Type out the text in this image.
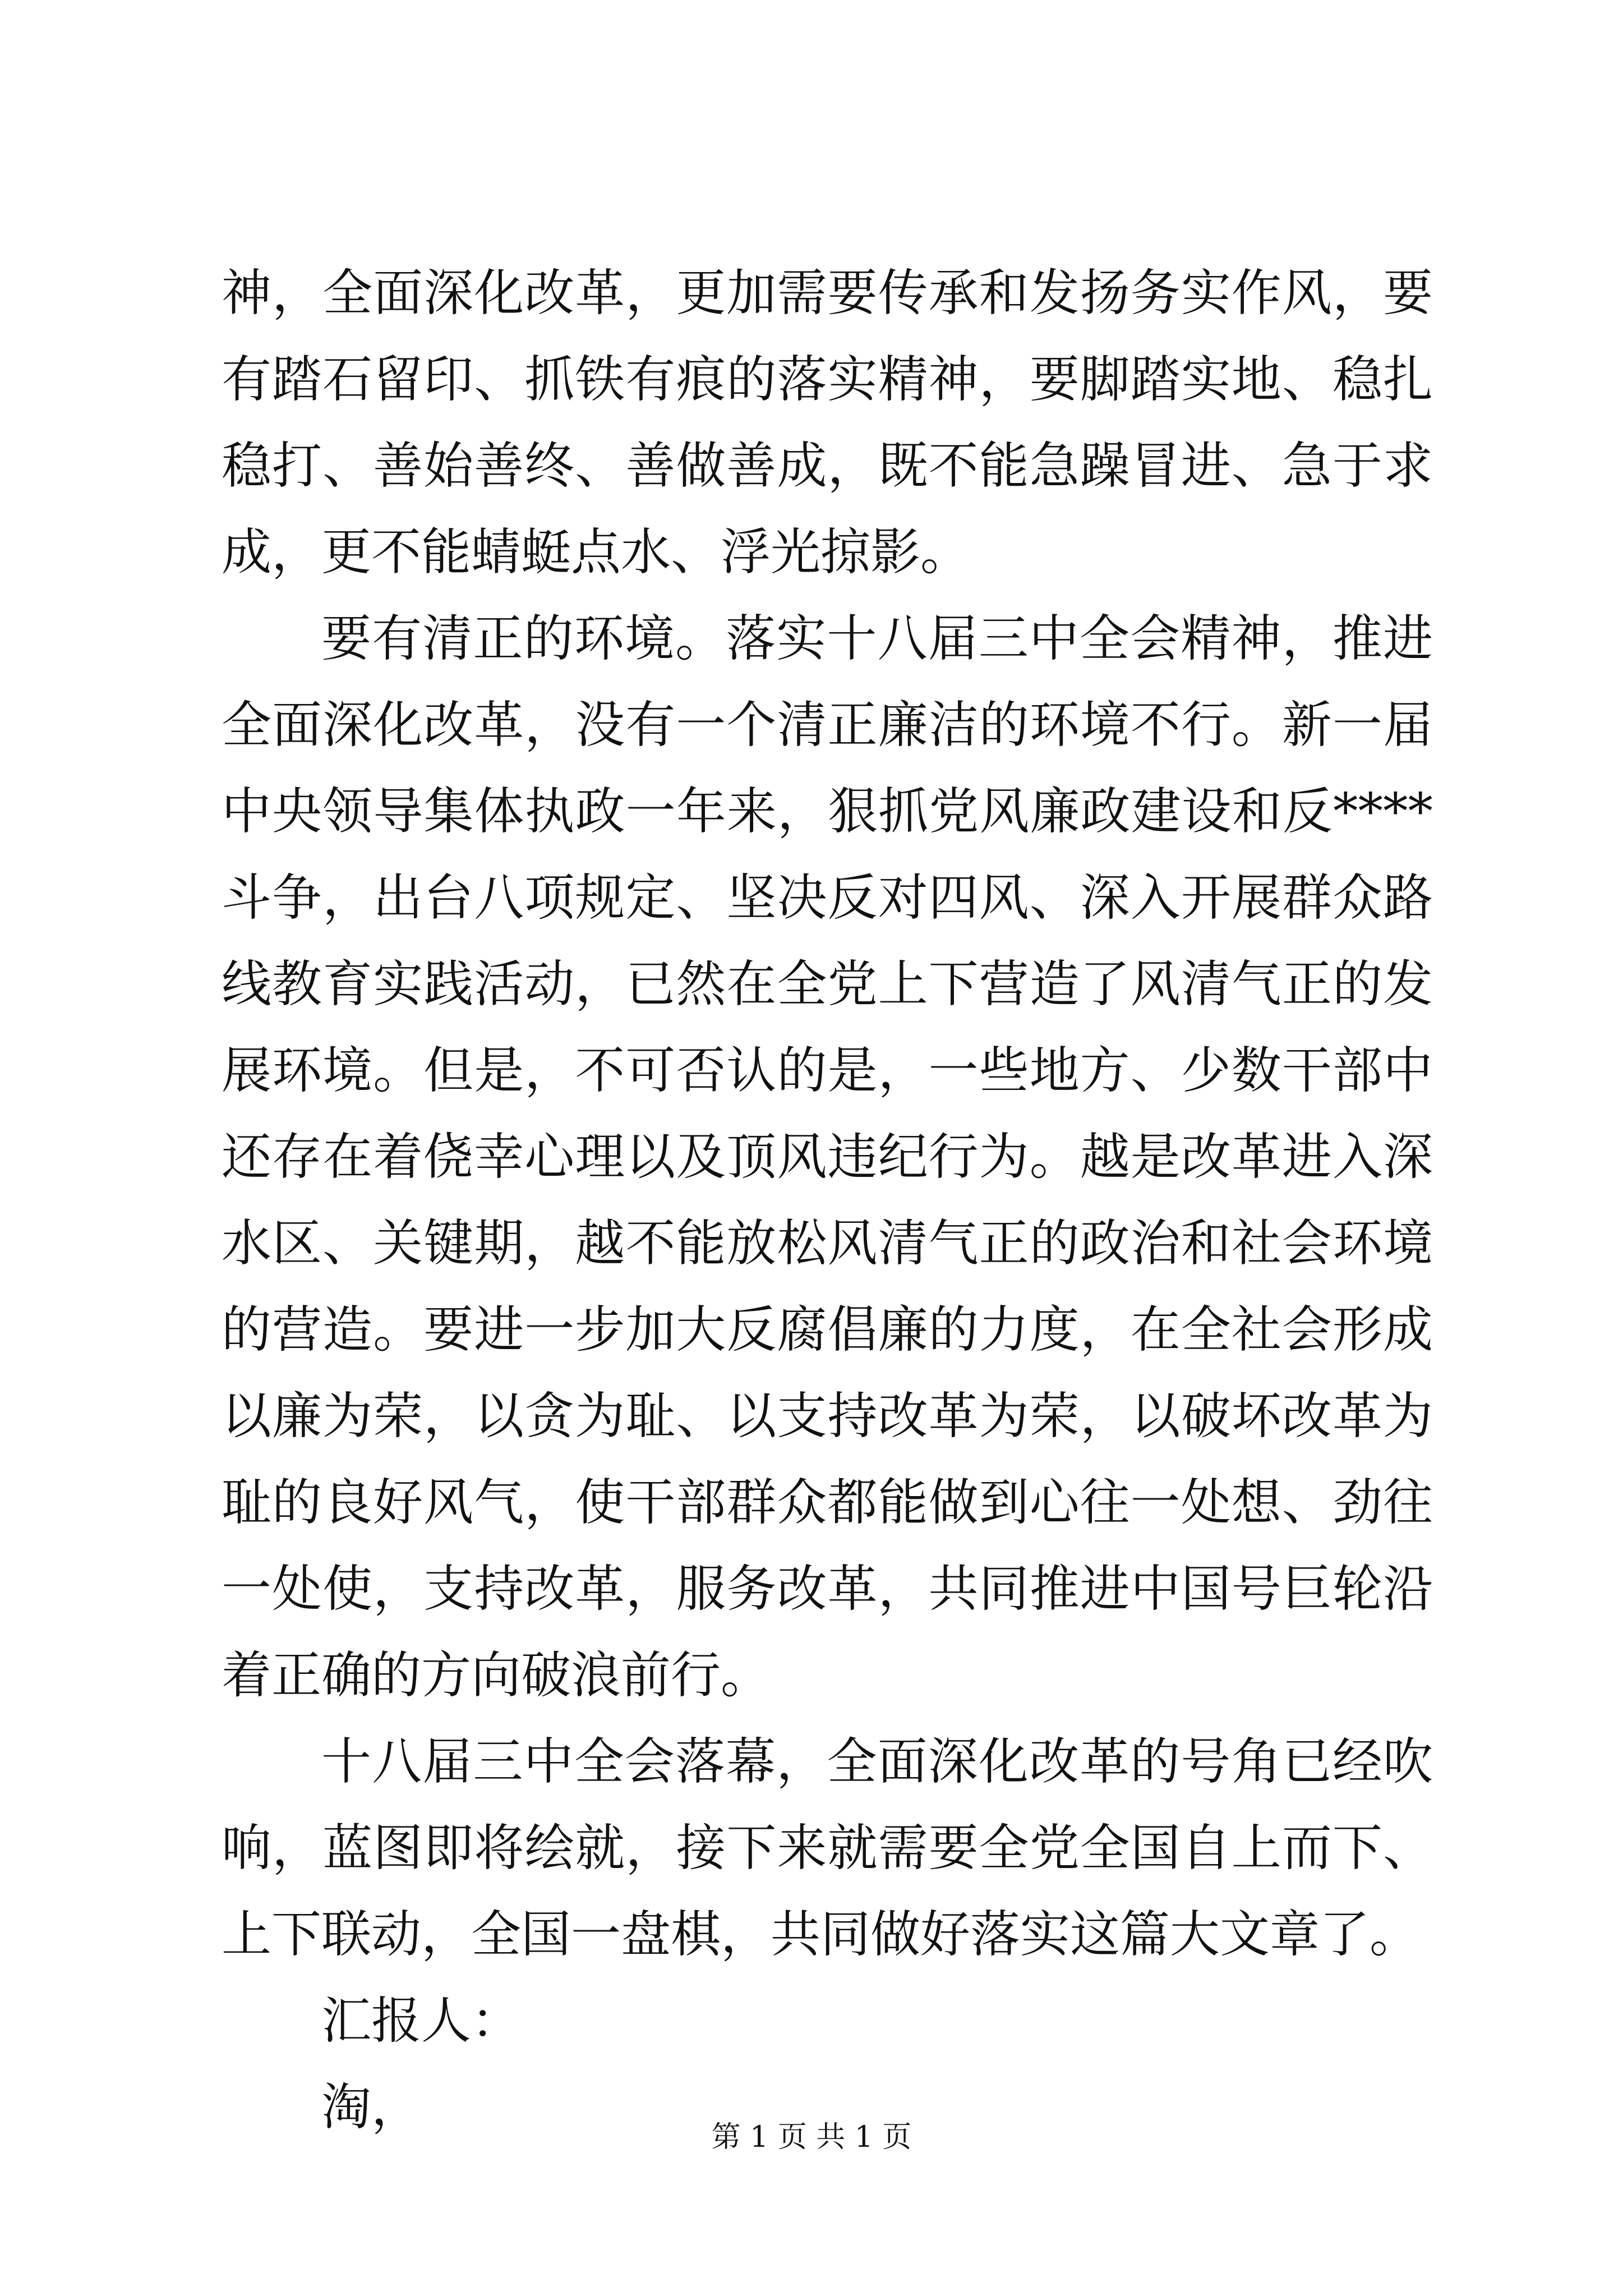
神，全面深化改革，更加需要传承和发扬务实作风，要有踏石留印、抓铁有痕的落实精神，要脚踏实地、稳扎稳打、善始善终、善做善成，既不能急躁冒进、急于求成，更不能蜻蜓点水、浮光掠影。

要有清正的环境。落实十八届三中全会精神，推进全面深化改革，没有一个清正廉洁的环境不行。新一届中央领导集体执政一年来，狠抓党风廉政建设和反****斗争，出台八项规定、坚决反对四风、深入开展群众路线教育实践活动，已然在全党上下营造了风清气正的发展环境。但是，不可否认的是，一些地方、少数干部中还存在着侥幸心理以及顶风违纪行为。越是改革进入深水区、关键期，越不能放松风清气正的政治和社会环境的营造。要进一步加大反腐倡廉的力度，在全社会形成以廉为荣，以贪为耻、以支持改革为荣，以破坏改革为耻的良好风气，使干部群众都能做到心往一处想、劲往一处使，支持改革，服务改革，共同推进中国号巨轮沿着正确的方向破浪前行。

十八届三中全会落幕，全面深化改革的号角已经吹响，蓝图即将绘就，接下来就需要全党全国自上而下、上下联动，全国一盘棋，共同做好落实这篇大文章了。

汇报人：

淘，

第 1 页 共 1 页
